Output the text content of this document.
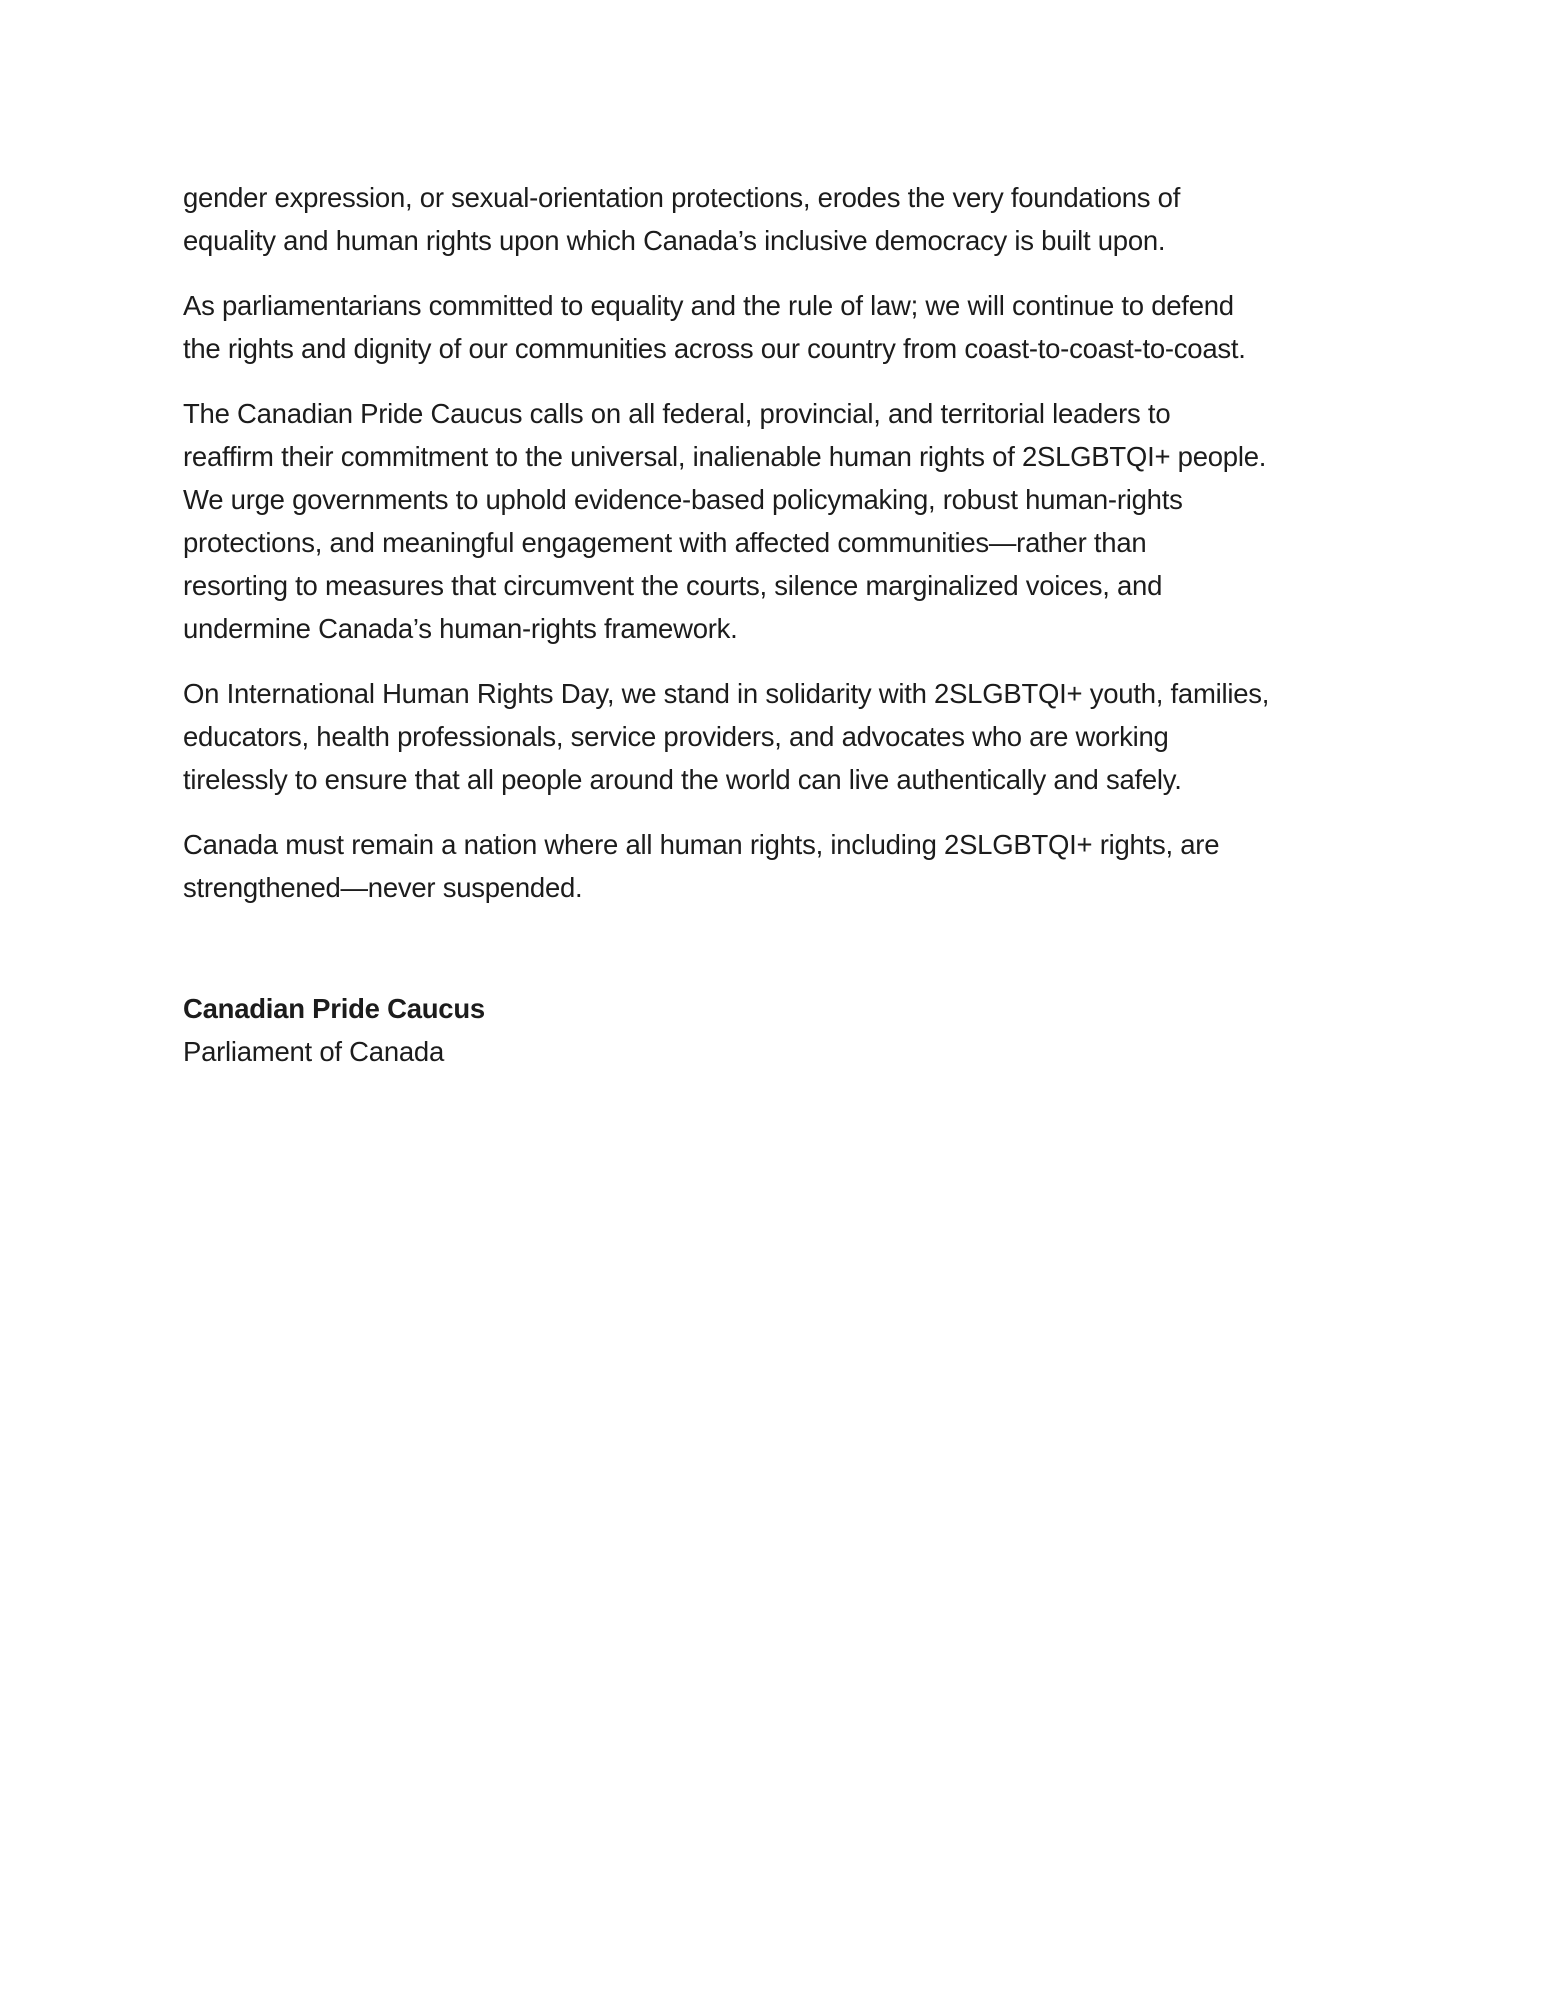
gender expression, or sexual-orientation protections, erodes the very foundations of
equality and human rights upon which Canada’s inclusive democracy is built upon.

As parliamentarians committed to equality and the rule of law; we will continue to defend
the rights and dignity of our communities across our country from coast-to-coast-to-coast.

The Canadian Pride Caucus calls on all federal, provincial, and territorial leaders to
reaffirm their commitment to the universal, inalienable human rights of 2SLGBTQI+ people.
We urge governments to uphold evidence-based policymaking, robust human-rights
protections, and meaningful engagement with affected communities—rather than
resorting to measures that circumvent the courts, silence marginalized voices, and
undermine Canada’s human-rights framework.

On International Human Rights Day, we stand in solidarity with 2SLGBTQI+ youth, families,
educators, health professionals, service providers, and advocates who are working
tirelessly to ensure that all people around the world can live authentically and safely.

Canada must remain a nation where all human rights, including 2SLGBTQI+ rights, are
strengthened—never suspended.

Canadian Pride Caucus
Parliament of Canada
